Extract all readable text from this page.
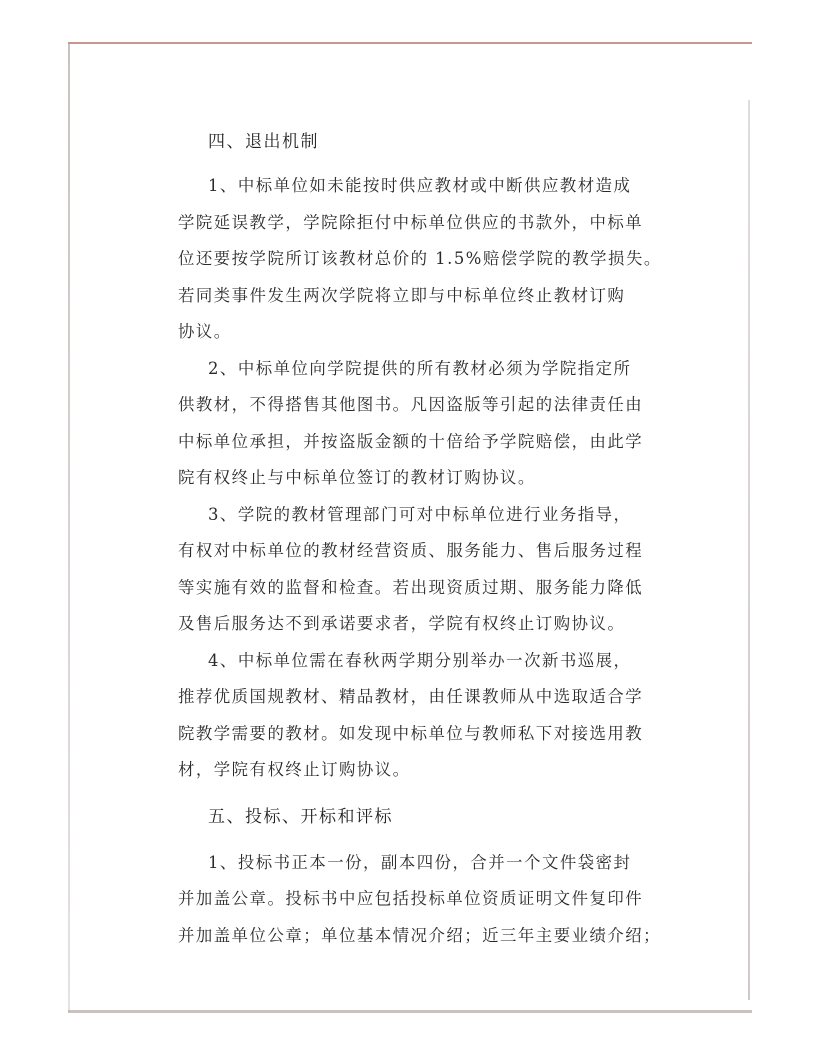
四、退出机制
1、中标单位如未能按时供应教材或中断供应教材造成
学院延误教学，学院除拒付中标单位供应的书款外，中标单
位还要按学院所订该教材总价的 1.5%赔偿学院的教学损失。
若同类事件发生两次学院将立即与中标单位终止教材订购
协议。
2、中标单位向学院提供的所有教材必须为学院指定所
供教材，不得搭售其他图书。凡因盗版等引起的法律责任由
中标单位承担，并按盗版金额的十倍给予学院赔偿，由此学
院有权终止与中标单位签订的教材订购协议。
3、学院的教材管理部门可对中标单位进行业务指导，
有权对中标单位的教材经营资质、服务能力、售后服务过程
等实施有效的监督和检查。若出现资质过期、服务能力降低
及售后服务达不到承诺要求者，学院有权终止订购协议。
4、中标单位需在春秋两学期分别举办一次新书巡展，
推荐优质国规教材、精品教材，由任课教师从中选取适合学
院教学需要的教材。如发现中标单位与教师私下对接选用教
材，学院有权终止订购协议。
五、投标、开标和评标
1、投标书正本一份，副本四份，合并一个文件袋密封
并加盖公章。投标书中应包括投标单位资质证明文件复印件
并加盖单位公章；单位基本情况介绍；近三年主要业绩介绍；
